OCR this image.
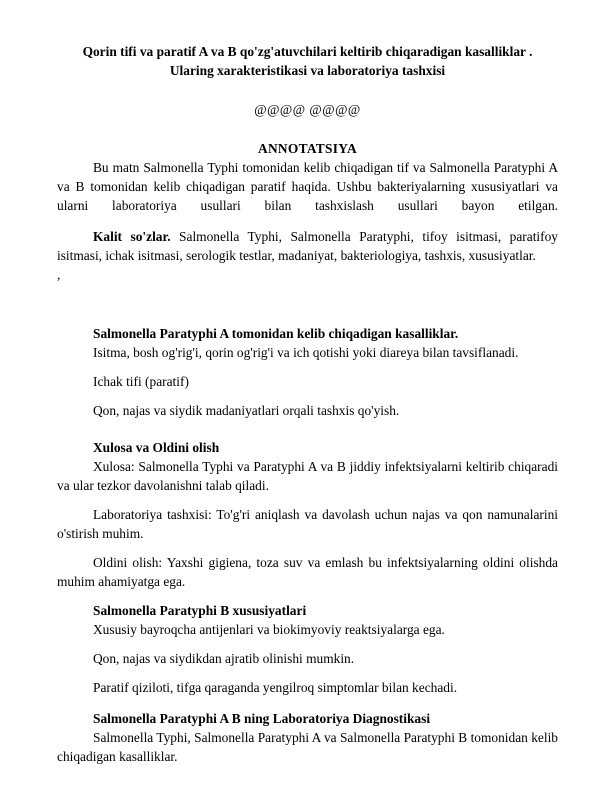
Qorin tifi va paratif A va B qo'zg'atuvchilari keltirib chiqaradigan kasalliklar .
Ularing xarakteristikasi va laboratoriya tashxisi

@@@@ @@@@

ANNOTATSIYA

Bu matn Salmonella Typhi tomonidan kelib chiqadigan tif va Salmonella Paratyphi A va B tomonidan kelib chiqadigan paratif haqida. Ushbu bakteriyalarning xususiyatlari va ularni laboratoriya usullari bilan tashxislash usullari bayon etilgan.

Kalit so'zlar. Salmonella Typhi, Salmonella Paratyphi, tifoy isitmasi, paratifoy isitmasi, ichak isitmasi, serologik testlar, madaniyat, bakteriologiya, tashxis, xususiyatlar.

,

Salmonella Paratyphi A tomonidan kelib chiqadigan kasalliklar.

Isitma, bosh og'rig'i, qorin og'rig'i va ich qotishi yoki diareya bilan tavsiflanadi.

Ichak tifi (paratif)

Qon, najas va siydik madaniyatlari orqali tashxis qo'yish.

Xulosa va Oldini olish

Xulosa: Salmonella Typhi va Paratyphi A va B jiddiy infektsiyalarni keltirib chiqaradi va ular tezkor davolanishni talab qiladi.

Laboratoriya tashxisi: To'g'ri aniqlash va davolash uchun najas va qon namunalarini o'stirish muhim.

Oldini olish: Yaxshi gigiena, toza suv va emlash bu infektsiyalarning oldini olishda muhim ahamiyatga ega.

Salmonella Paratyphi B xususiyatlari

Xususiy bayroqcha antijenlari va biokimyoviy reaktsiyalarga ega.

Qon, najas va siydikdan ajratib olinishi mumkin.

Paratif qiziloti, tifga qaraganda yengilroq simptomlar bilan kechadi.

Salmonella Paratyphi A B ning Laboratoriya Diagnostikasi

Salmonella Typhi, Salmonella Paratyphi A va Salmonella Paratyphi B tomonidan kelib chiqadigan kasalliklar.
